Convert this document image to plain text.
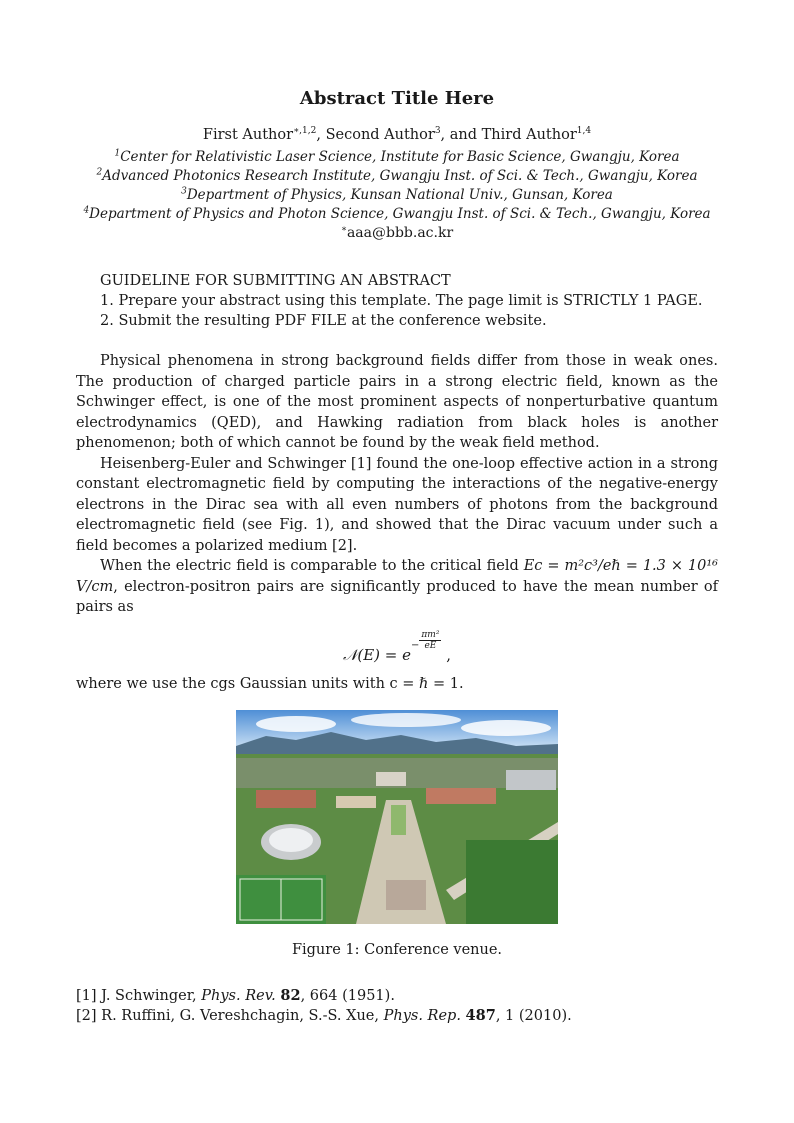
Abstract Title Here
First Author$^{∗,1,2}$, Second Author$^3$, and Third Author$^{1,4}$
$^1$Center for Relativistic Laser Science, Institute for Basic Science, Gwangju, Korea
$^2$Advanced Photonics Research Institute, Gwangju Inst. of Sci. & Tech., Gwangju, Korea
$^3$Department of Physics, Kunsan National Univ., Gunsan, Korea
$^4$Department of Physics and Photon Science, Gwangju Inst. of Sci. & Tech., Gwangju, Korea
∗aaa@bbb.ac.kr
GUIDELINE FOR SUBMITTING AN ABSTRACT
1. Prepare your abstract using this template. The page limit is STRICTLY 1 PAGE.
2. Submit the resulting PDF FILE at the conference website.

Physical phenomena in strong background fields differ from those in weak ones. The production of charged particle pairs in a strong electric field, known as the Schwinger effect, is one of the most prominent aspects of nonperturbative quantum electrodynamics (QED), and Hawking radiation from black holes is another phenomenon; both of which cannot be found by the weak field method.

Heisenberg-Euler and Schwinger [1] found the one-loop effective action in a strong constant electromagnetic field by computing the interactions of the negative-energy electrons in the Dirac sea with all even numbers of photons from the background electromagnetic field (see Fig. 1), and showed that the Dirac vacuum under such a field becomes a polarized medium [2].

When the electric field is comparable to the critical field Ec = m²c³/eℏ = 1.3 × 10¹⁶ V/cm, electron-positron pairs are significantly produced to have the mean number of pairs as

𝒩(E) = $e^- \frac{\text{πm²}}{eE}$
,

where we use the cgs Gaussian units with c = ℏ = 1.

Figure 1: Conference venue.

[1] J. Schwinger, Phys. Rev. 82, 664 (1951).

[2] R. Ruffini, G. Vereshchagin, S.-S. Xue, Phys. Rep. 487, 1 (2010).
